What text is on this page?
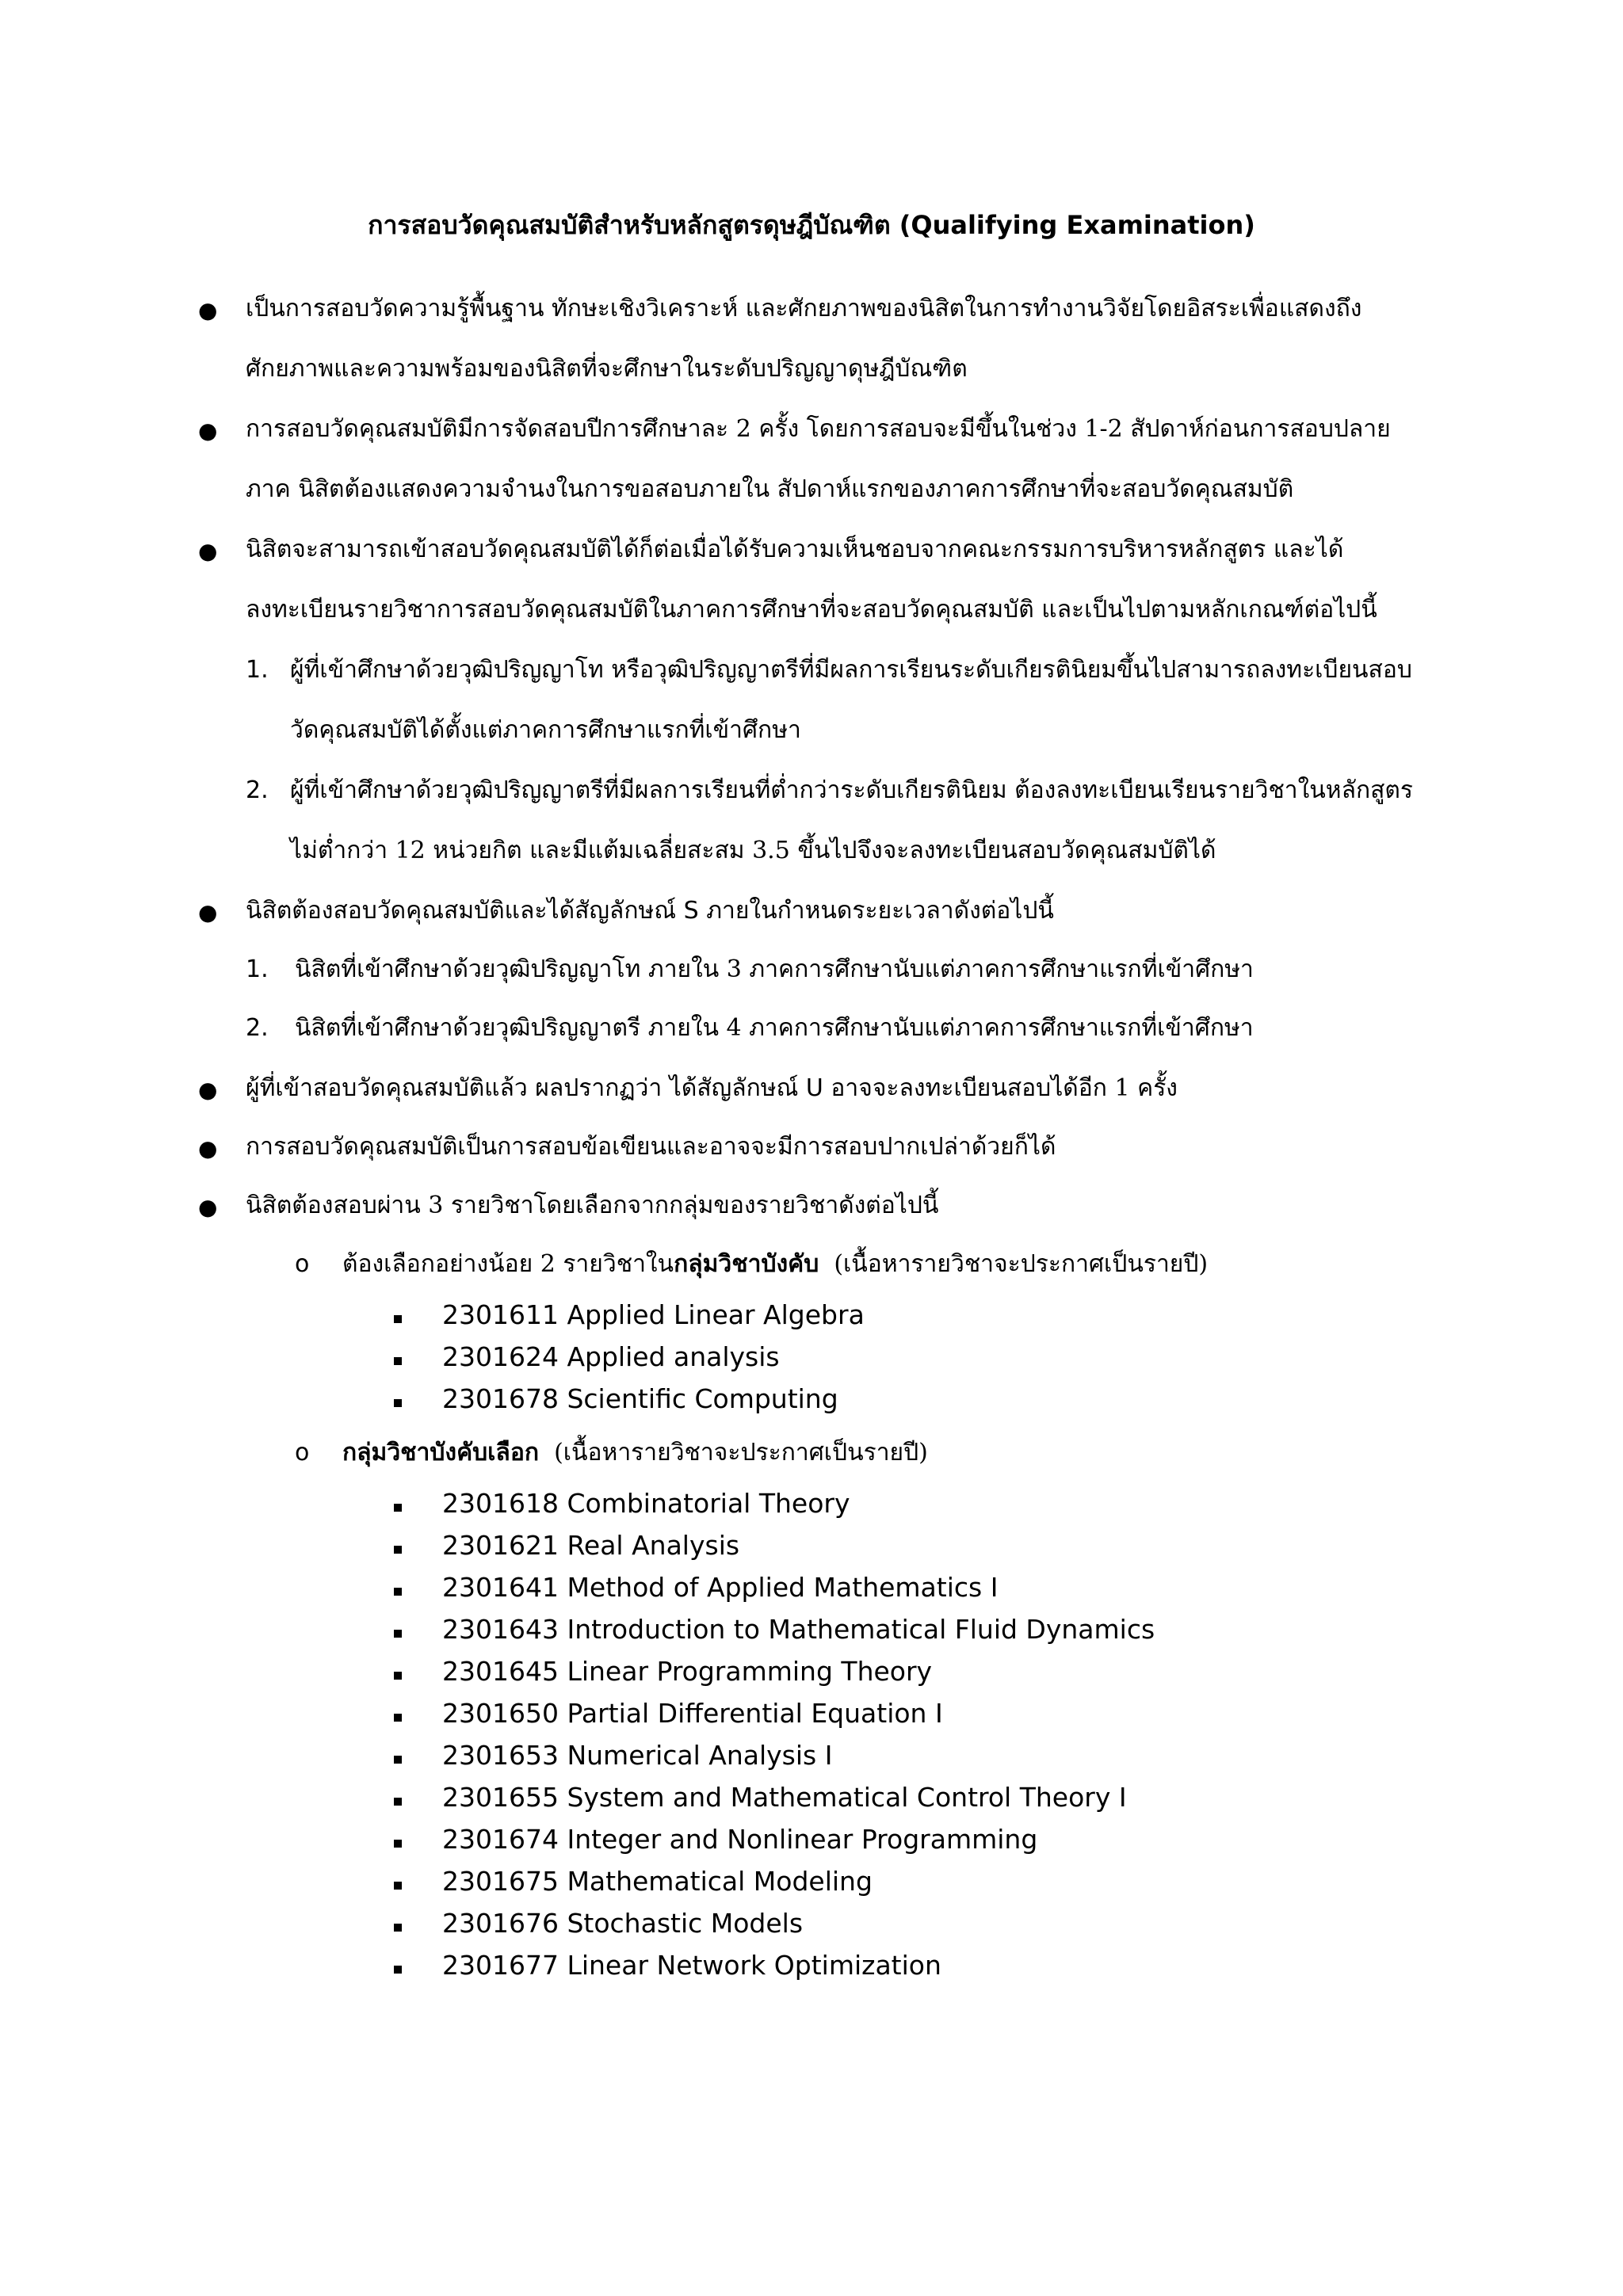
การสอบวัดคุณสมบัติสำหรับหลักสูตรดุษฎีบัณฑิต (Qualifying Examination)
● เป็นการสอบวัดความรู้พื้นฐาน ทักษะเชิงวิเคราะห์ และศักยภาพของนิสิตในการทำงานวิจัยโดยอิสระเพื่อแสดงถึง
ศักยภาพและความพร้อมของนิสิตที่จะศึกษาในระดับปริญญาดุษฎีบัณฑิต
● การสอบวัดคุณสมบัติมีการจัดสอบปีการศึกษาละ 2 ครั้ง โดยการสอบจะมีขึ้นในช่วง 1-2 สัปดาห์ก่อนการสอบปลาย
ภาค นิสิตต้องแสดงความจำนงในการขอสอบภายใน สัปดาห์แรกของภาคการศึกษาที่จะสอบวัดคุณสมบัติ
● นิสิตจะสามารถเข้าสอบวัดคุณสมบัติได้ก็ต่อเมื่อได้รับความเห็นชอบจากคณะกรรมการบริหารหลักสูตร และได้
ลงทะเบียนรายวิชาการสอบวัดคุณสมบัติในภาคการศึกษาที่จะสอบวัดคุณสมบัติ และเป็นไปตามหลักเกณฑ์ต่อไปนี้
1. ผู้ที่เข้าศึกษาด้วยวุฒิปริญญาโท หรือวุฒิปริญญาตรีที่มีผลการเรียนระดับเกียรตินิยมขึ้นไปสามารถลงทะเบียนสอบ
วัดคุณสมบัติได้ตั้งแต่ภาคการศึกษาแรกที่เข้าศึกษา
2. ผู้ที่เข้าศึกษาด้วยวุฒิปริญญาตรีที่มีผลการเรียนที่ต่ำกว่าระดับเกียรตินิยม ต้องลงทะเบียนเรียนรายวิชาในหลักสูตร
ไม่ต่ำกว่า 12 หน่วยกิต และมีแต้มเฉลี่ยสะสม 3.5 ขึ้นไปจึงจะลงทะเบียนสอบวัดคุณสมบัติได้
● นิสิตต้องสอบวัดคุณสมบัติและได้สัญลักษณ์ S ภายในกำหนดระยะเวลาดังต่อไปนี้
1. นิสิตที่เข้าศึกษาด้วยวุฒิปริญญาโท ภายใน 3 ภาคการศึกษานับแต่ภาคการศึกษาแรกที่เข้าศึกษา
2. นิสิตที่เข้าศึกษาด้วยวุฒิปริญญาตรี ภายใน 4 ภาคการศึกษานับแต่ภาคการศึกษาแรกที่เข้าศึกษา
● ผู้ที่เข้าสอบวัดคุณสมบัติแล้ว ผลปรากฏว่า ได้สัญลักษณ์ U อาจจะลงทะเบียนสอบได้อีก 1 ครั้ง
● การสอบวัดคุณสมบัติเป็นการสอบข้อเขียนและอาจจะมีการสอบปากเปล่าด้วยก็ได้
● นิสิตต้องสอบผ่าน 3 รายวิชาโดยเลือกจากกลุ่มของรายวิชาดังต่อไปนี้
o ต้องเลือกอย่างน้อย 2 รายวิชาในกลุ่มวิชาบังคับ  (เนื้อหารายวิชาจะประกาศเป็นรายปี)
2301611 Applied Linear Algebra
2301624 Applied analysis
2301678 Scientific Computing
o กลุ่มวิชาบังคับเลือก  (เนื้อหารายวิชาจะประกาศเป็นรายปี)
2301618 Combinatorial Theory
2301621 Real Analysis
2301641 Method of Applied Mathematics I
2301643 Introduction to Mathematical Fluid Dynamics
2301645 Linear Programming Theory
2301650 Partial Differential Equation I
2301653 Numerical Analysis I
2301655 System and Mathematical Control Theory I
2301674 Integer and Nonlinear Programming
2301675 Mathematical Modeling
2301676 Stochastic Models
2301677 Linear Network Optimization
